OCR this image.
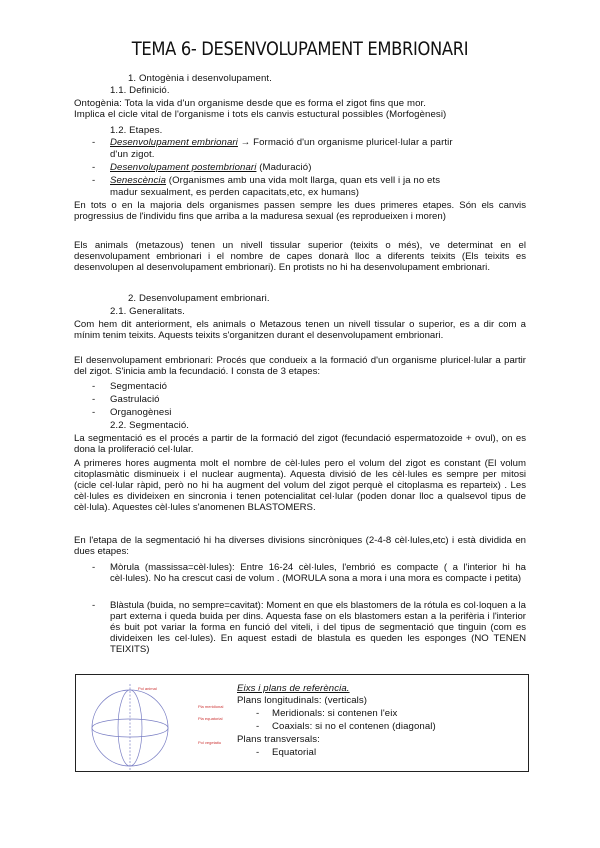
TEMA 6- DESENVOLUPAMENT EMBRIONARI
1. Ontogènia i desenvolupament.
1.1. Definició.
Ontogènia: Tota la vida d'un organisme desde que es forma el zigot fins que mor.
Implica el cicle vital de l'organisme i tots els canvis estuctural possibles (Morfogènesi)
1.2. Etapes.
- Desenvolupament embrionari → Formació d'un organisme pluricel·lular a partir
d'un zigot.
- Desenvolupament postembrionari (Maduració)
- Senescència (Organismes amb una vida molt llarga, quan ets vell i ja no ets
madur sexualment, es perden capacitats,etc, ex humans)
En tots o en la majoria dels organismes passen sempre les dues primeres etapes. Són els canvis progressius de l'individu fins que arriba a la maduresa sexual (es reprodueixen i moren)
Els animals (metazous) tenen un nivell tissular superior (teixits o més), ve determinat en el desenvolupament embrionari i el nombre de capes donarà lloc a diferents teixits (Els teixits es desenvolupen al desenvolupament embrionari). En protists no hi ha desenvolupament embrionari.
2. Desenvolupament embrionari.
2.1. Generalitats.
Com hem dit anteriorment, els animals o Metazous tenen un nivell tissular o superior, es a dir com a mínim tenim teixits. Aquests teixits s'organitzen durant el desenvolupament embrionari.
El desenvolupament embrionari: Procés que condueix a la formació d'un organisme pluricel·lular a partir del zigot. S'inicia amb la fecundació. I consta de 3 etapes:
- Segmentació
- Gastrulació
- Organogènesi
2.2. Segmentació.
La segmentació es el procés a partir de la formació del zigot (fecundació espermatozoide + ovul), on es dona la proliferació cel·lular.
A primeres hores augmenta molt el nombre de cèl·lules pero el volum del zigot es constant (El volum citoplasmàtic disminueix i el nuclear augmenta). Aquesta divisió de les cèl·lules es sempre per mitosi (cicle cel·lular ràpid, però no hi ha augment del volum del zigot perquè el citoplasma es reparteix) . Les cèl·lules es divideixen en sincronia i tenen potencialitat cel·lular (poden donar lloc a qualsevol tipus de cèl·lula). Aquestes cèl·lules s'anomenen BLASTOMERS.
En l'etapa de la segmentació hi ha diverses divisions sincròniques (2-4-8 cèl·lules,etc) i està dividida en dues etapes:
- Mòrula (massissa=cèl·lules): Entre 16-24 cèl·lules, l'embrió es compacte ( a l'interior hi ha cèl·lules). No ha crescut casi de volum . (MORULA sona a mora i una mora es compacte i petita)
- Blàstula (buida, no sempre=cavitat): Moment en que els blastomers de la rótula es col·loquen a la part externa i queda buida per dins. Aquesta fase on els blastomers estan a la perifèria i l'interior és buit pot variar la forma en funció del viteli, i del tipus de segmentació que tinguin (com es divideixen les cel·lules). En aquest estadi de blastula es queden les esponges (NO TENEN TEIXITS)
Pol animal
Pla meridional
Pla equatorial
Pol vegetatiu
Eixs i plans de referència.
Plans longitudinals: (verticals)
- Meridionals: si contenen l'eix
- Coaxials: si no el contenen (diagonal)
Plans transversals:
- Equatorial
